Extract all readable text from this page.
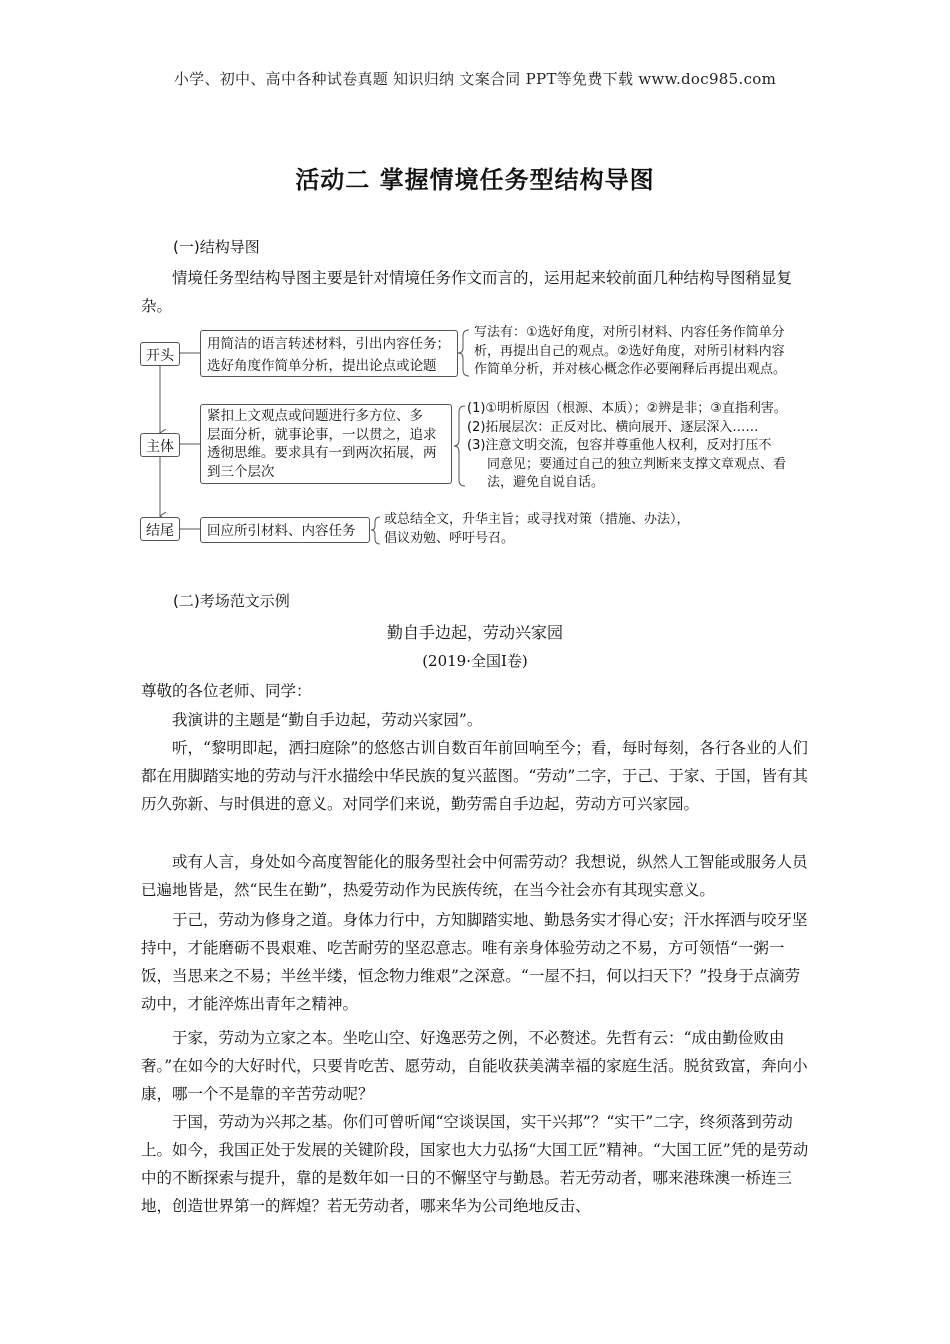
小学、初中、高中各种试卷真题 知识归纳 文案合同 PPT等免费下载 www.doc985.com
活动二 掌握情境任务型结构导图
(一)结构导图
情境任务型结构导图主要是针对情境任务作文而言的，运用起来较前面几种结构导图稍显复杂。
开头
用简洁的语言转述材料，引出内容任务；
选好角度作简单分析，提出论点或论题
写法有：①选好角度，对所引材料、内容任务作简单分
析，再提出自己的观点。②选好角度，对所引材料内容
作简单分析，并对核心概念作必要阐释后再提出观点。
主体
紧扣上文观点或问题进行多方位、多
层面分析，就事论事，一以贯之，追求
透彻思维。要求具有一到两次拓展，两
到三个层次
(1)①明析原因（根源、本质）；②辨是非；③直指利害。
(2)拓展层次：正反对比、横向展开、逐层深入……
(3)注意文明交流，包容并尊重他人权利，反对打压不
同意见；要通过自己的独立判断来支撑文章观点、看
法，避免自说自话。
结尾	回应所引材料、内容任务
或总结全文，升华主旨；或寻找对策（措施、办法），
倡议劝勉、呼吁号召。
(二)考场范文示例
勤自手边起，劳动兴家园
(2019·全国Ⅰ卷)
尊敬的各位老师、同学：
我演讲的主题是“勤自手边起，劳动兴家园”。
听，“黎明即起，洒扫庭除”的悠悠古训自数百年前回响至今；看，每时每刻，各行各业的人们都在用脚踏实地的劳动与汗水描绘中华民族的复兴蓝图。“劳动”二字，于己、于家、于国，皆有其历久弥新、与时俱进的意义。对同学们来说，勤劳需自手边起，劳动方可兴家园。
或有人言，身处如今高度智能化的服务型社会中何需劳动？我想说，纵然人工智能或服务人员已遍地皆是，然“民生在勤”，热爱劳动作为民族传统，在当今社会亦有其现实意义。
于己，劳动为修身之道。身体力行中，方知脚踏实地、勤恳务实才得心安；汗水挥洒与咬牙坚持中，才能磨砺不畏艰难、吃苦耐劳的坚忍意志。唯有亲身体验劳动之不易，方可领悟“一粥一饭，当思来之不易；半丝半缕，恒念物力维艰”之深意。“一屋不扫，何以扫天下？”投身于点滴劳动中，才能淬炼出青年之精神。
于家，劳动为立家之本。坐吃山空、好逸恶劳之例，不必赘述。先哲有云：“成由勤俭败由奢。”在如今的大好时代，只要肯吃苦、愿劳动，自能收获美满幸福的家庭生活。脱贫致富，奔向小康，哪一个不是靠的辛苦劳动呢？
于国，劳动为兴邦之基。你们可曾听闻“空谈误国，实干兴邦”？“实干”二字，终须落到劳动上。如今，我国正处于发展的关键阶段，国家也大力弘扬“大国工匠”精神。“大国工匠”凭的是劳动中的不断探索与提升，靠的是数年如一日的不懈坚守与勤恳。若无劳动者，哪来港珠澳一桥连三地，创造世界第一的辉煌？若无劳动者，哪来华为公司绝地反击、
